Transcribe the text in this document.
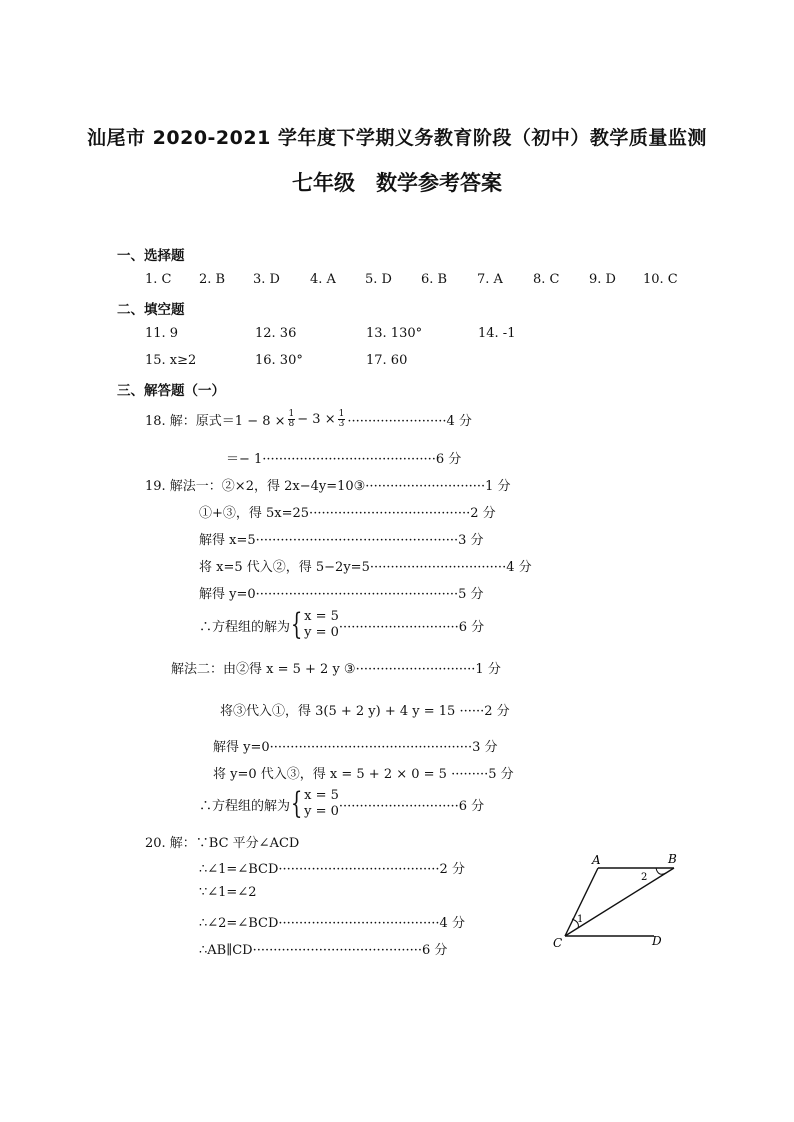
汕尾市 2020-2021 学年度下学期义务教育阶段（初中）教学质量监测
七年级　数学参考答案
一、选择题
1. C 2. B 3. D 4. A 5. D 6. B 7. A 8. C 9. D 10. C
二、填空题
11. 9	12. 36	13. 130°	14. -1
15. x≥2	16. 30°	17. 60
三、解答题（一）
18. 解：原式$=1 - 8 \times \frac{1}{8} - 3 \times \frac{1}{3} \cdot\cdot\cdot\cdot\cdot\cdot\cdot\cdot\cdot\cdot\cdot\cdot\cdot\cdot\cdot\cdot\cdot\cdot\cdot\cdot\cdot\cdot\cdot\cdot 4$ 分
＝− 1··········································6 分
19. 解法一：②×2，得 2x−4y=10③·····························1 分
①+③，得 5x=25·······································2 分
解得 x=5·················································3 分
将 x=5 代入②，得 5−2y=5·································4 分
解得 y=0·················································5 分
∴方程组的解为 { x = 5
y = 0 ·····························6 分
解法二：由②得 x = 5 + 2 y ③·····························1 分
将③代入①，得 3(5 + 2 y) + 4 y = 15 ······2 分
解得 y=0·················································3 分
将 y=0 代入③，得 x = 5 + 2 × 0 = 5 ·········5 分
∴方程组的解为 { x = 5
y = 0 ·····························6 分
20. 解：∵BC 平分∠ACD
∴∠1=∠BCD·······································2 分
∵∠1=∠2
∴∠2=∠BCD·······································4 分
∴AB∥CD·········································6 分
A	B
C	D
1
2
